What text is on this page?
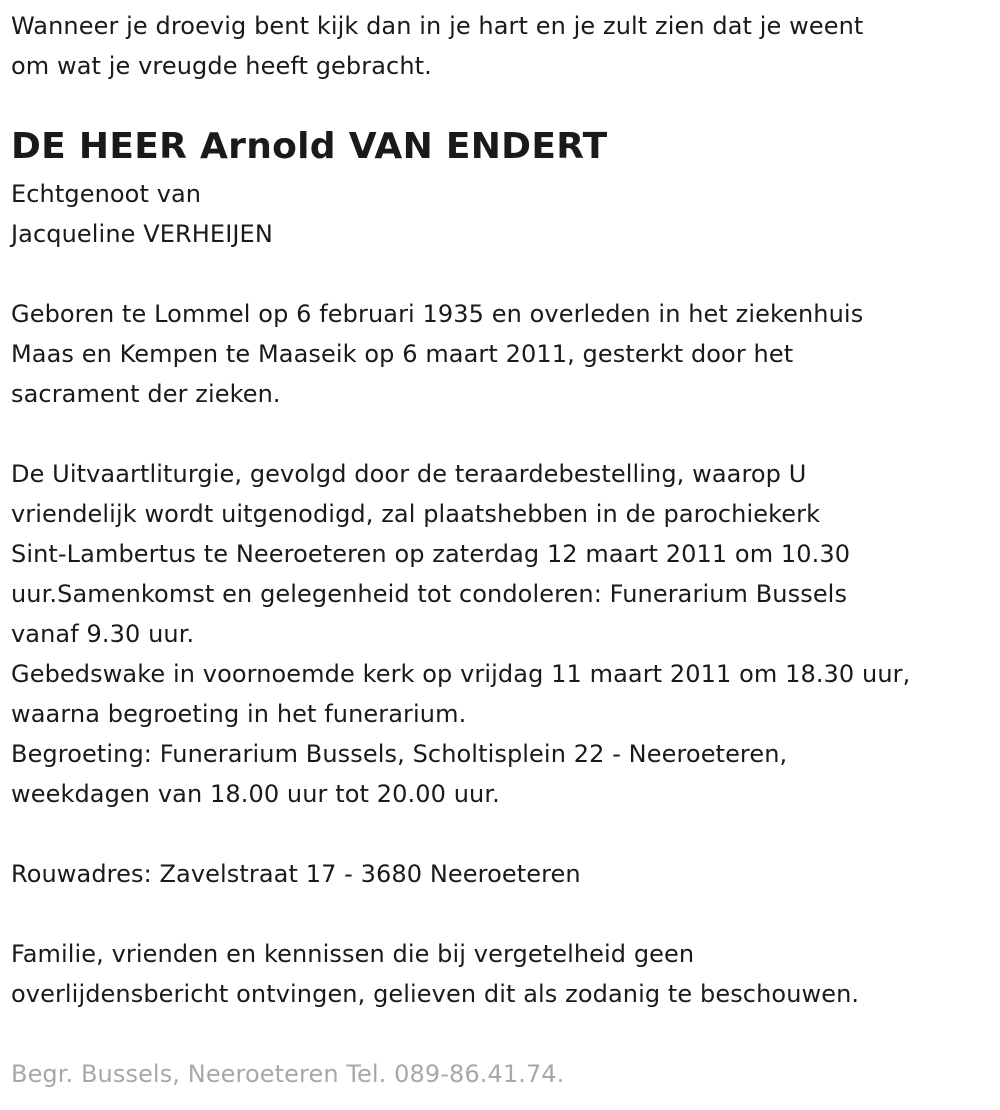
Wanneer je droevig bent kijk dan in je hart en je zult zien dat je weent
om wat je vreugde heeft gebracht.
DE HEER Arnold VAN ENDERT
Echtgenoot van
Jacqueline VERHEIJEN
Geboren te Lommel op 6 februari 1935 en overleden in het ziekenhuis
Maas en Kempen te Maaseik op 6 maart 2011, gesterkt door het
sacrament der zieken.
De Uitvaartliturgie, gevolgd door de teraardebestelling, waarop U
vriendelijk wordt uitgenodigd, zal plaatshebben in de parochiekerk
Sint-Lambertus te Neeroeteren op zaterdag 12 maart 2011 om 10.30
uur.Samenkomst en gelegenheid tot condoleren: Funerarium Bussels
vanaf 9.30 uur.
Gebedswake in voornoemde kerk op vrijdag 11 maart 2011 om 18.30 uur,
waarna begroeting in het funerarium.
Begroeting: Funerarium Bussels, Scholtisplein 22 - Neeroeteren,
weekdagen van 18.00 uur tot 20.00 uur.
Rouwadres: Zavelstraat 17 - 3680 Neeroeteren
Familie, vrienden en kennissen die bij vergetelheid geen
overlijdensbericht ontvingen, gelieven dit als zodanig te beschouwen.
Begr. Bussels, Neeroeteren Tel. 089-86.41.74.
